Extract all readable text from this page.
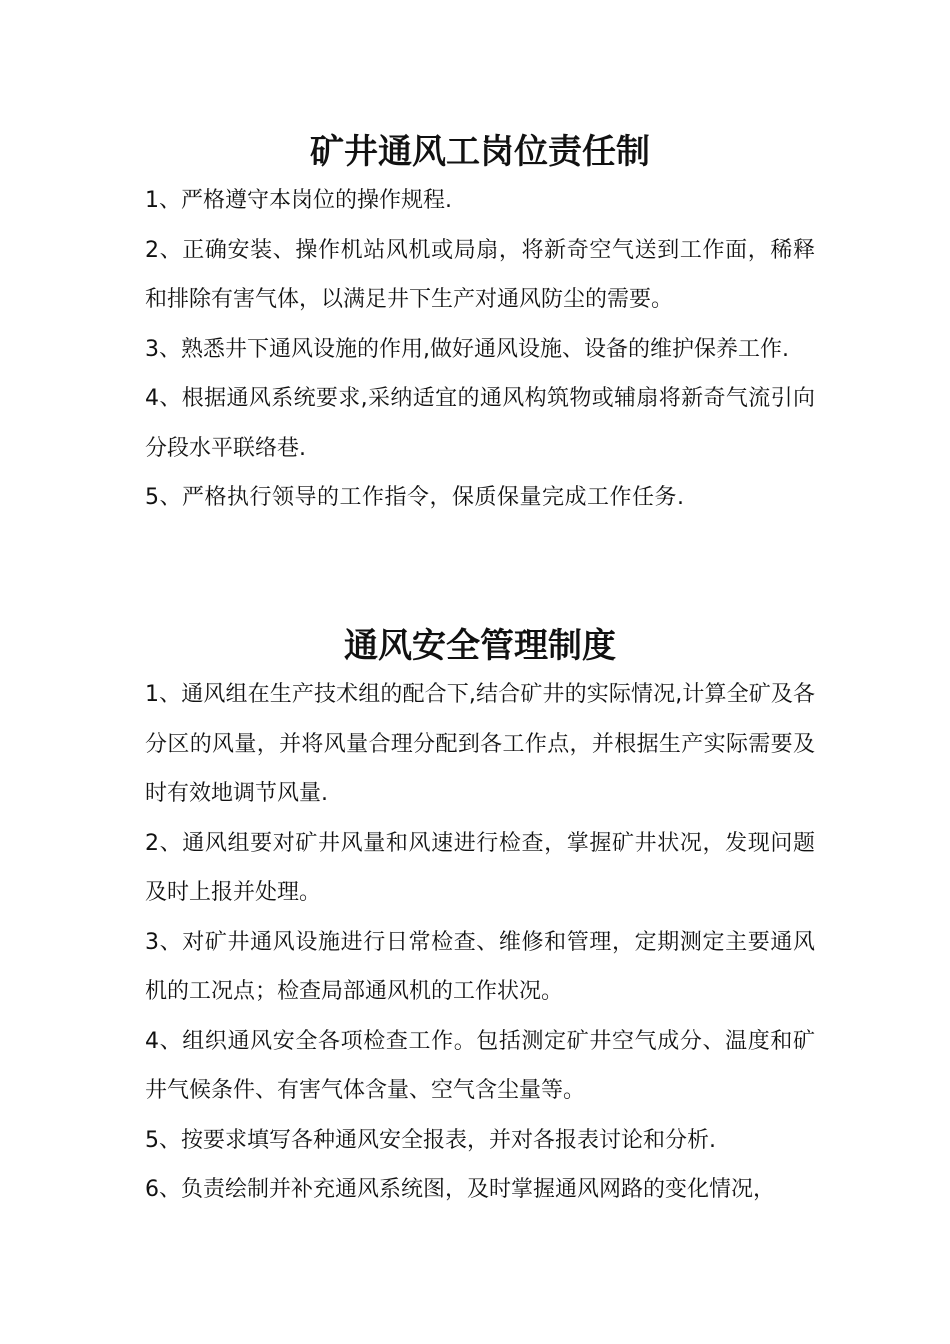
矿井通风工岗位责任制
1、严格遵守本岗位的操作规程.
2、正确安装、操作机站风机或局扇，将新奇空气送到工作面，稀释和排除有害气体，以满足井下生产对通风防尘的需要。
3、熟悉井下通风设施的作用,做好通风设施、设备的维护保养工作.
4、根据通风系统要求,采纳适宜的通风构筑物或辅扇将新奇气流引向分段水平联络巷.
5、严格执行领导的工作指令，保质保量完成工作任务.
通风安全管理制度
1、通风组在生产技术组的配合下,结合矿井的实际情况,计算全矿及各分区的风量，并将风量合理分配到各工作点，并根据生产实际需要及时有效地调节风量.
2、通风组要对矿井风量和风速进行检查，掌握矿井状况，发现问题及时上报并处理。
3、对矿井通风设施进行日常检查、维修和管理，定期测定主要通风机的工况点；检查局部通风机的工作状况。
4、组织通风安全各项检查工作。包括测定矿井空气成分、温度和矿井气候条件、有害气体含量、空气含尘量等。
5、按要求填写各种通风安全报表，并对各报表讨论和分析.
6、负责绘制并补充通风系统图，及时掌握通风网路的变化情况，
